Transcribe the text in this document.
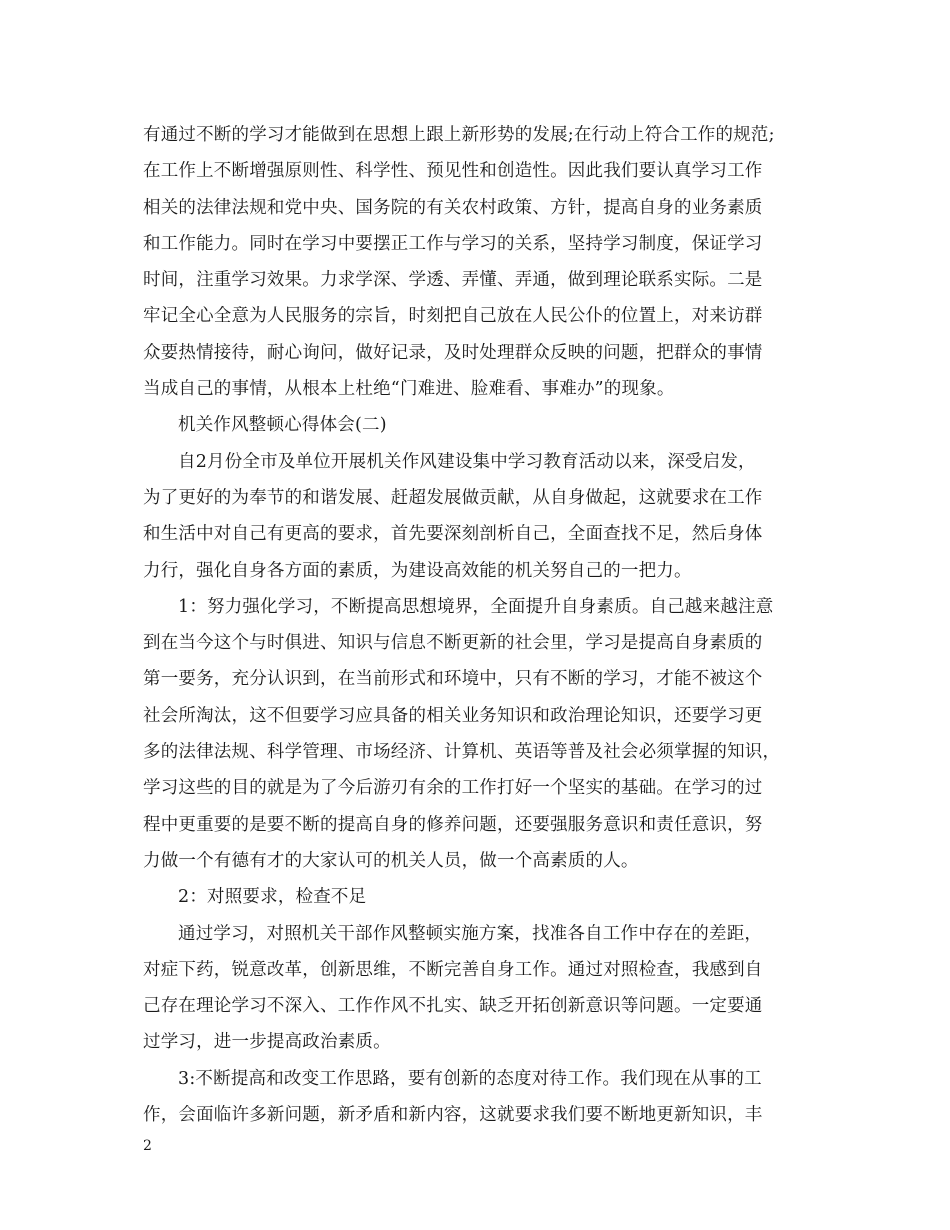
有通过不断的学习才能做到在思想上跟上新形势的发展;在行动上符合工作的规范;
在工作上不断增强原则性、科学性、预见性和创造性。因此我们要认真学习工作
相关的法律法规和党中央、国务院的有关农村政策、方针，提高自身的业务素质
和工作能力。同时在学习中要摆正工作与学习的关系，坚持学习制度，保证学习
时间，注重学习效果。力求学深、学透、弄懂、弄通，做到理论联系实际。二是
牢记全心全意为人民服务的宗旨，时刻把自己放在人民公仆的位置上，对来访群
众要热情接待，耐心询问，做好记录，及时处理群众反映的问题，把群众的事情
当成自己的事情，从根本上杜绝“门难进、脸难看、事难办”的现象。
机关作风整顿心得体会(二)
自2月份全市及单位开展机关作风建设集中学习教育活动以来，深受启发，
为了更好的为奉节的和谐发展、赶超发展做贡献，从自身做起，这就要求在工作
和生活中对自己有更高的要求，首先要深刻剖析自己，全面查找不足，然后身体
力行，强化自身各方面的素质，为建设高效能的机关努自己的一把力。
1：努力强化学习，不断提高思想境界，全面提升自身素质。自己越来越注意
到在当今这个与时俱进、知识与信息不断更新的社会里，学习是提高自身素质的
第一要务，充分认识到，在当前形式和环境中，只有不断的学习，才能不被这个
社会所淘汰，这不但要学习应具备的相关业务知识和政治理论知识，还要学习更
多的法律法规、科学管理、市场经济、计算机、英语等普及社会必须掌握的知识，
学习这些的目的就是为了今后游刃有余的工作打好一个坚实的基础。在学习的过
程中更重要的是要不断的提高自身的修养问题，还要强服务意识和责任意识，努
力做一个有德有才的大家认可的机关人员，做一个高素质的人。
2：对照要求，检查不足
通过学习，对照机关干部作风整顿实施方案，找准各自工作中存在的差距，
对症下药，锐意改革，创新思维，不断完善自身工作。通过对照检查，我感到自
己存在理论学习不深入、工作作风不扎实、缺乏开拓创新意识等问题。一定要通
过学习，进一步提高政治素质。
3:不断提高和改变工作思路，要有创新的态度对待工作。我们现在从事的工
作，会面临许多新问题，新矛盾和新内容，这就要求我们要不断地更新知识，丰
2
